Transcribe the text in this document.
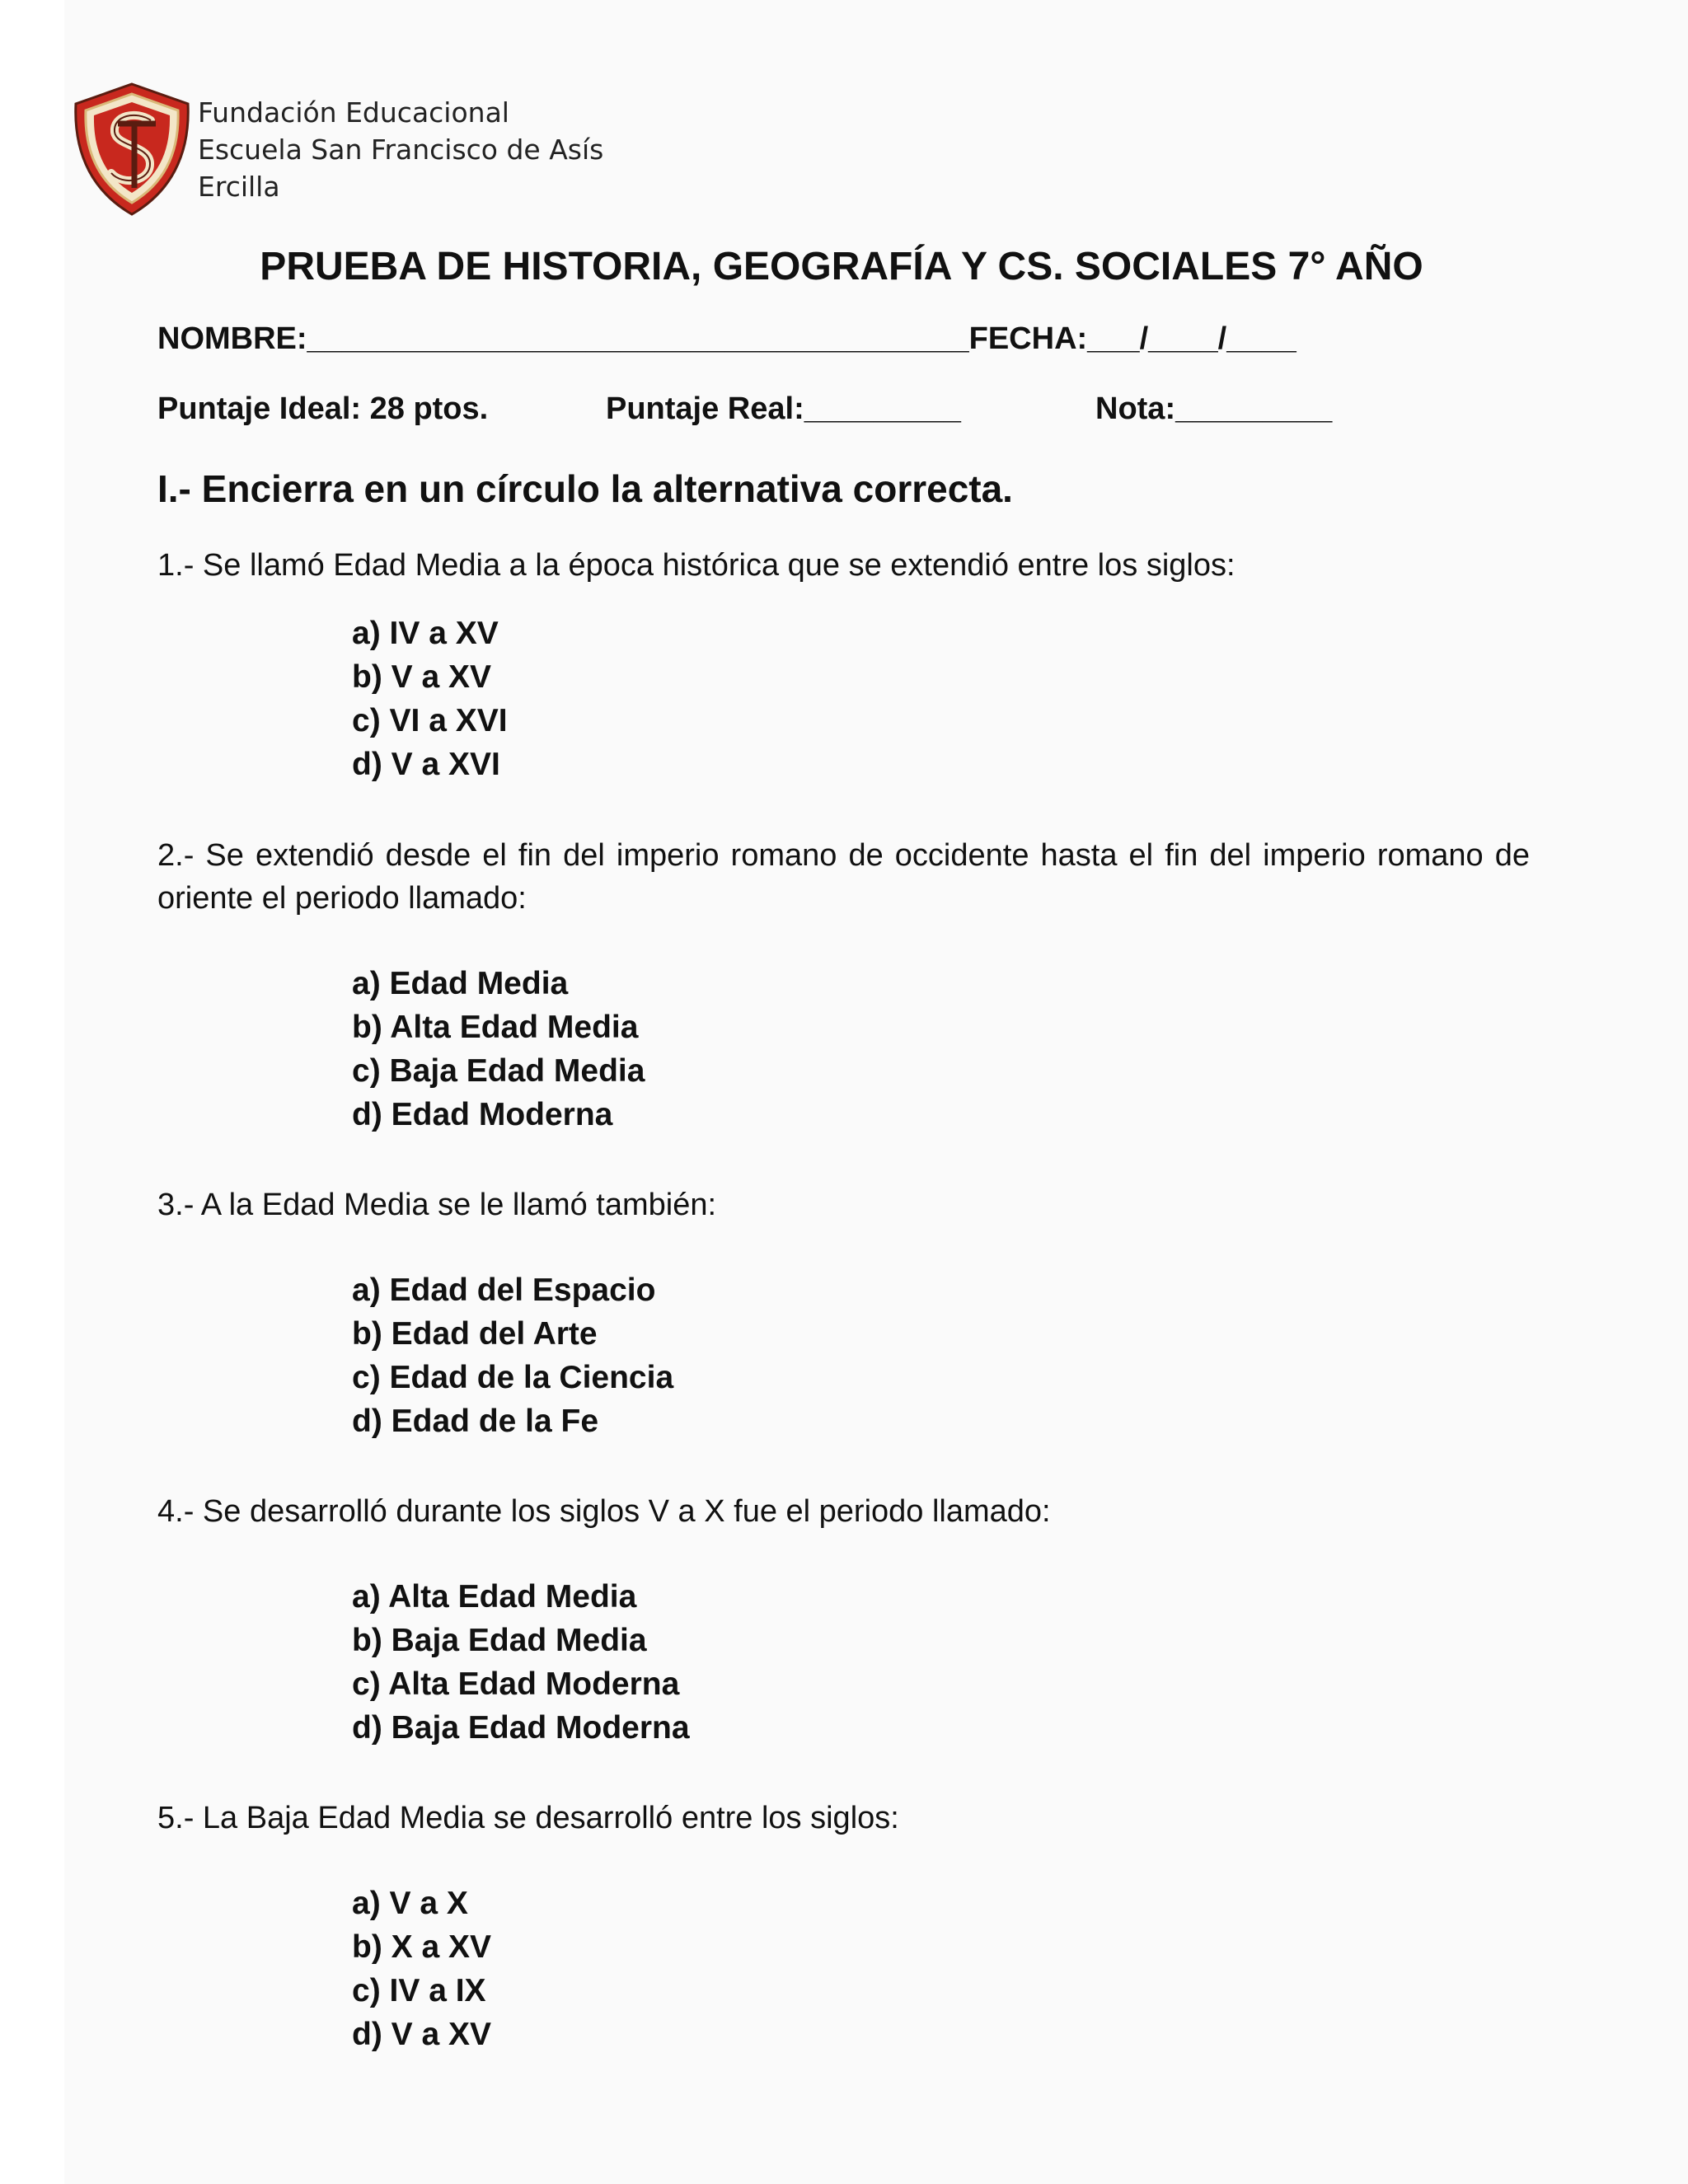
Fundación Educacional
Escuela San Francisco de Asís
Ercilla
PRUEBA DE HISTORIA, GEOGRAFÍA Y CS. SOCIALES 7° AÑO
NOMBRE:______________________________________FECHA:___/____/____
Puntaje Ideal: 28 ptos.	Puntaje Real:_________	Nota:_________
I.- Encierra en un círculo la alternativa correcta.
1.- Se llamó Edad Media a la época histórica que se extendió entre los siglos:
a) IV a XV
b) V a XV
c) VI a XVI
d) V a XVI
2.- Se extendió desde el fin del imperio romano de occidente hasta el fin del imperio romano de oriente el periodo llamado:
a) Edad Media
b) Alta Edad Media
c) Baja Edad Media
d) Edad Moderna
3.- A la Edad Media se le llamó también:
a) Edad del Espacio
b) Edad del Arte
c) Edad de la Ciencia
d) Edad de la Fe
4.- Se desarrolló durante los siglos V a X fue el periodo llamado:
a) Alta Edad Media
b) Baja Edad Media
c) Alta Edad Moderna
d) Baja Edad Moderna
5.- La Baja Edad Media se desarrolló entre los siglos:
a) V a X
b) X a XV
c) IV a IX
d) V a XV
